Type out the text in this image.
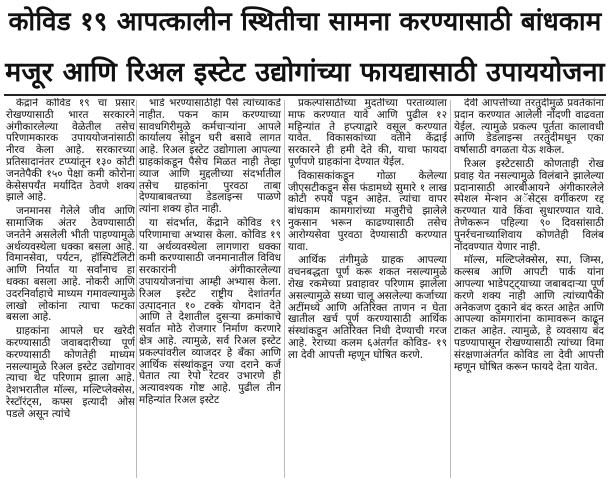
कोविड १९ आपत्कालीन स्थितीचा सामना करण्यासाठी बांधकाम
मजूर आणि रिअल इस्टेट उद्योगांच्या फायद्यासाठी उपाययोजना

केंद्राने कोविड १९ चा प्रसार रोखण्यासाठी भारत सरकारने अंगीकारलेल्या वेळेतील तसेच परिणामकारक उपाययोजनांसाठी नीरव केला आहे. सरकारच्या प्रतिसादानंतर टप्प्यांतून १३० कोटी जनतेपैकी १५० पेक्षा कमी कोरोना केसेसपर्यंत मर्यादित ठेवणे शक्य झाले आहे.

जनमानस गेलेले जीव आणि सामाजिक अंतर ठेवण्यासाठी जनतेने असलेली भीती पाहण्यामुळे अर्थव्यवस्थेला धक्का बसला आहे. विमानसेवा, पर्यटन, हॉस्पिटॅलिटी आणि निर्यात या सर्वांनाच हा धक्का बसला आहे. नोकरी आणि उदरनिर्वाहाचे माध्यम गमावल्यामुळे लाखो लोकांना त्याचा फटका बसला आहे.

ग्राहकांना आपले घर खरेदी करण्यासाठी जवाबदारीच्या पूर्ण करण्यासाठी कोणतेही माध्यम नसल्यामुळे रिअल इस्टेट उद्योगावर त्याचा थेट परिणाम झाला आहे. देशभरातील मॉल्स, मल्टिप्लेक्सेस, रेस्टॉरंट्स, कफ्स इत्यादी ओस पडले असून त्यांचे

भाडे भरण्यासाठीही पैसे त्यांच्याकडे नाहीत. पकन काम करण्याच्या सावधगिरीमुळे कर्मचार्‍यांना आपले कार्यालय सोडून घरी बसावे लागत आहे. रिअल इस्टेट उद्योगाला आपल्या ग्राहकांकडून पैसेच मिळत नाही तेव्हा व्याज आणि मुद्दलीच्या संदर्भातील तसेच ग्राहकांना पुरवठा ताबा देण्याबाबतच्या डेडलाइन्स पाळणे त्यांना शक्य होत नाही.

या संदर्भात, केंद्राने कोविड १९ परिणामाचा अभ्यास केला. कोविड १९ या अर्थव्यवस्थेला लागणारा धक्का कमी करण्यासाठी जनमानातील विविध सरकारांनी अंगीकारलेल्या उपाययोजनांचा आम्ही अभ्यास केला. रिअल इस्टेट राष्ट्रीय देशांतर्गत उत्पादनात १० टक्के योगदान देते आणि ते देशातील दुसऱ्या क्रमांकाचे सर्वात मोठे रोजगार निर्माण करणारे क्षेत्र आहे. त्यामुळे, सर्व रिअल इस्टेट प्रकल्पांवरील व्याजदर हे बँका आणि आर्थिक संस्थांकडून ज्या दराने कर्ज घेतात त्या रेपो रेटवर उभारणे ही अत्यावश्यक गोष्ट आहे. पुढील तीन महिन्यांत रिअल इस्टेट

प्रकल्पांसाठीच्या मुदतीच्या परताव्याला माफ करण्यात यावे आणि पुढील १२ महिन्यांत ते हप्त्याद्वारे वसूल करण्यात यावेत. विकासकांच्या वतीने केंद्राई सरकारने ही हमी देते की, याचा फायदा पूर्णपणे ग्राहकांना देण्यात येईल.

विकासकांकडून गोळा केलेल्या जीएसटीकडून सेस फंडामध्ये सुमारे १ लाख कोटी रुपये पडून आहेत. त्यांचा वापर बांधकाम कामगारांच्या मजुरीचे झालेले नुकसान भरून काढण्यासाठी तसेच आरोग्यसेवा पुरवठा देण्यासाठी करण्यात यावा.

आर्थिक तंगीमुळे ग्राहक आपल्या वचनबद्धता पूर्ण करू शकत नसल्यामुळे रोख रकमेच्या प्रवाहावर परिणाम झालेला असल्यामुळे सध्या चालू असलेल्या कर्जाच्या अटींमध्ये आणि अतिरिक्त ताणन न घेता खातील खर्च पूर्ण करण्यासाठी आर्थिक संस्थांकडून अतिरिक्त निधी देण्याची गरज आहे. रेराच्या कलम ६अंतर्गत कोविड- १९ ला देवी आपत्ती म्हणून घोषित करणे.

देवी आपत्तीच्या तरतुदीमुळे प्रवर्तकांना प्रदान करण्यात आलेली नोंदणी वाढवता येईल. त्यामुळे प्रकल्प पूर्तता कालावधी आणि डेडलाइन्स तरतुदीमधून एका वर्षासाठी वगळता येऊ शकेल.

रिअल इस्टेटसाठी कोणताही रोख प्रवाह येत नसल्यामुळे विलंबाने झालेल्या प्रदानासाठी आरबीआयने अंगीकारलेले स्पेशल मेन्शन अॅसेट्स वर्गीकरण रद्द करण्यात यावे किंवा सुधारण्यात यावे. तेणेकरून पहिल्या ९० दिवसांसाठी पुनर्रचनाच्याशिवाय कोणतेही विलंब नोंदवण्यात येणार नाही.

मॉल्स, मल्टिप्लेक्सेस, स्पा, जिम्स, कल्सब आणि आपटी पार्क यांना आपल्या भाडेपट्ट्याच्या जबाबदाऱ्या पूर्ण करणे शक्य नाही आणि त्यांच्यापैकी अनेकजण दुकाने बंद करत आहेत आणि आपल्या कामगारांना कामावरून काढून टाकत आहेत. त्यामुळे, हे व्यवसाय बंद पडण्यापासून रोखण्यासाठी त्यांच्या विमा संरक्षणाअंतर्गत कोविड ला देवी आपत्ती म्हणून घोषित करून फायदे देता यावेत.
